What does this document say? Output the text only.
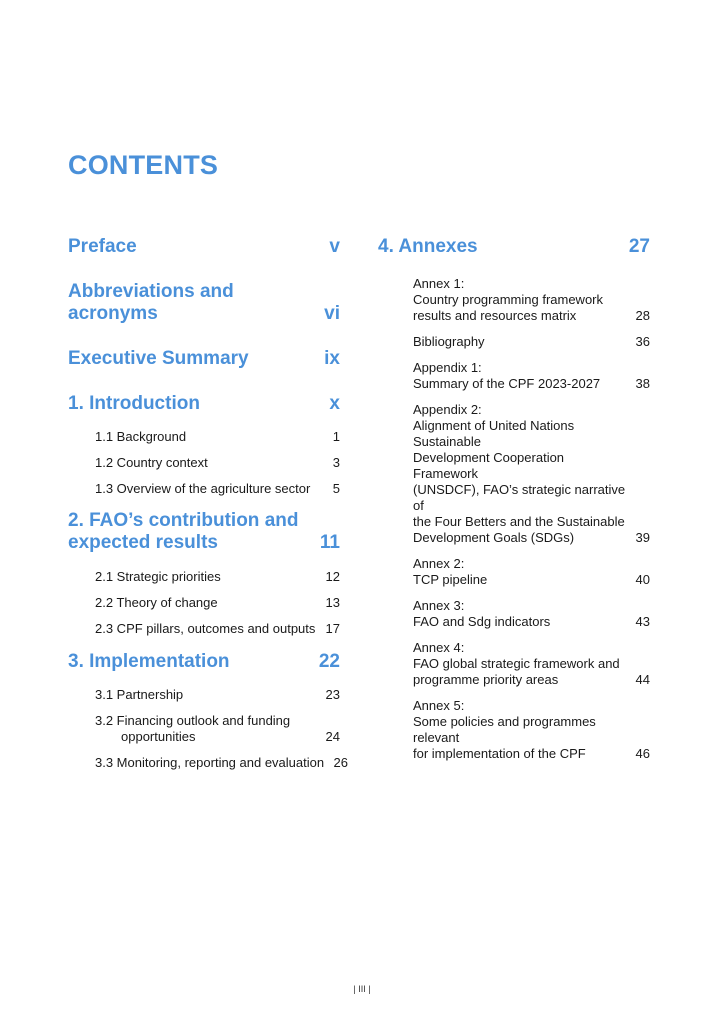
CONTENTS
Preface	v
Abbreviations and acronyms	vi
Executive Summary	ix
1. Introduction	x
1.1 Background	1
1.2 Country context	3
1.3 Overview of the agriculture sector	5
2. FAO’s contribution and
expected results	11
2.1 Strategic priorities	12
2.2 Theory of change	13
2.3 CPF pillars, outcomes and outputs 17
3. Implementation	22
3.1 Partnership	23
3.2 Financing outlook and funding
opportunities	24
3.3 Monitoring, reporting and evaluation 26
4. Annexes	27
Annex 1:
Country programming framework
results and resources matrix	28
Bibliography	36
Appendix 1:
Summary of the CPF 2023-2027	38
Appendix 2:
Alignment of United Nations Sustainable
Development Cooperation Framework
(UNSDCF), FAO’s strategic narrative of
the Four Betters and the Sustainable
Development Goals (SDGs)	39
Annex 2:
TCP pipeline	40
Annex 3:
FAO and Sdg indicators	43
Annex 4:
FAO global strategic framework and
programme priority areas	44
Annex 5:
Some policies and programmes relevant
for implementation of the CPF	46
| III |
